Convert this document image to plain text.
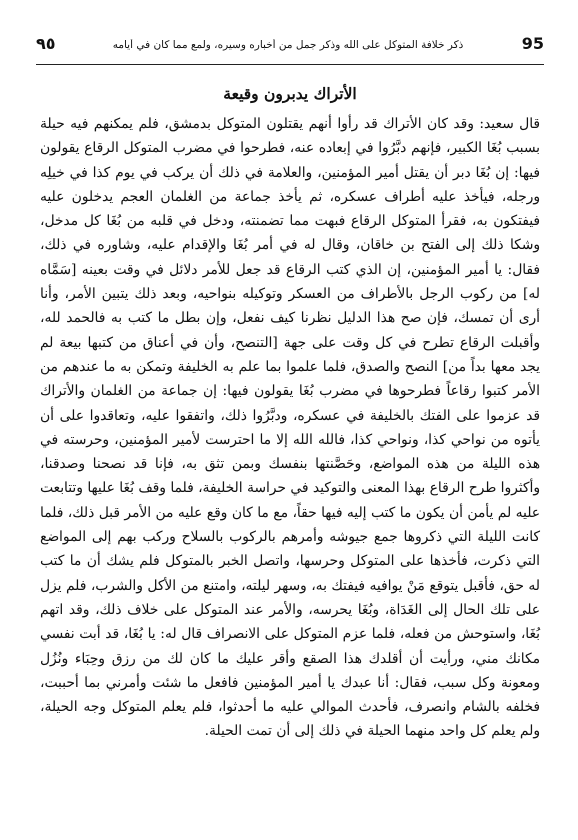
95
ذكر خلافة المتوكل على الله وذكر جمل من أخباره وسيره، ولمع مما كان في أيامه
٩٥
الأتراك يدبرون وقيعة

قال سعيد: وقد كان الأتراك قد رأوا أنهم يقتلون المتوكل بدمشق، فلم يمكنهم فيه حيلة بسبب بُغَا الكبير، فإنهم دبَّرُوا في إبعاده عنه، فطرحوا في مضرب المتوكل الرقاع يقولون فيها: إن بُغَا دبر أن يقتل أمير المؤمنين، والعلامة في ذلك أن يركب في يوم كذا في خيلِه ورجله، فيأخذ عليه أطراف عسكره، ثم يأخذ جماعة من الغلمان العجم يدخلون عليه فيفتكون به، فقرأ المتوكل الرقاع فبهت مما تضمنته، ودخل في قلبه من بُغَا كل مدخل، وشكا ذلك إلى الفتح بن خاقان، وقال له في أمر بُغَا والإقدام عليه، وشاوره في ذلك، فقال: يا أمير المؤمنين، إن الذي كتب الرقاع قد جعل للأمر دلائل في وقت بعينه [سَمَّاه له] من ركوب الرجل بالأطراف من العسكر وتوكيله بنواحيه، وبعد ذلك يتبين الأمر، وأنا أرى أن تمسك، فإن صح هذا الدليل نظرنا كيف نفعل، وإن بطل ما كتب به فالحمد لله، وأقبلت الرقاع تطرح في كل وقت على جهة [التنصح، وأن في أعناق من كتبها بيعة لم يجد معها بداً من] النصح والصدق، فلما علموا بما علم به الخليفة وتمكن به ما عندهم من الأمر كتبوا رقاعاً فطرحوها في مضرب بُغَا يقولون فيها: إن جماعة من الغلمان والأتراك قد عزموا على الفتك بالخليفة في عسكره، ودبَّرُوا ذلك، واتفقوا عليه، وتعاقدوا على أن يأتوه من نواحي كذا، ونواحي كذا، فالله الله إلا ما احترست لأمير المؤمنين، وحرسته في هذه الليلة من هذه المواضع، وحَصَّنتها بنفسك وبمن تثق به، فإنا قد نصحنا وصدقنا، وأكثروا طرح الرقاع بهذا المعنى والتوكيد في حراسة الخليفة، فلما وقف بُغَا عليها وتتابعت عليه لم يأمن أن يكون ما كتب إليه فيها حقاً، مع ما كان وقع عليه من الأمر قبل ذلك، فلما كانت الليلة التي ذكروها جمع جيوشه وأمرهم بالركوب بالسلاح وركب بهم إلى المواضع التي ذكرت، فأخذها على المتوكل وحرسها، واتصل الخبر بالمتوكل فلم يشك أن ما كتب له حق، فأقبل يتوقع مَنْ يوافيه فيفتك به، وسهر ليلته، وامتنع من الأكل والشرب، فلم يزل على تلك الحال إلى الغَدَاة، وبُغَا يحرسه، والأمر عند المتوكل على خلاف ذلك، وقد اتهم بُغَا، واستوحش من فعله، فلما عزم المتوكل على الانصراف قال له: يا بُغَا، قد أبت نفسي مكانك مني، ورأيت أن أقلدك هذا الصقع وأقر عليك ما كان لك من رزق وحِبَاء ونُزُل ومعونة وكل سبب، فقال: أنا عبدك يا أمير المؤمنين فافعل ما شئت وأمرني بما أحببت، فخلفه بالشام وانصرف، فأحدث الموالي عليه ما أحدثوا، فلم يعلم المتوكل وجه الحيلة، ولم يعلم كل واحد منهما الحيلة في ذلك إلى أن تمت الحيلة.
